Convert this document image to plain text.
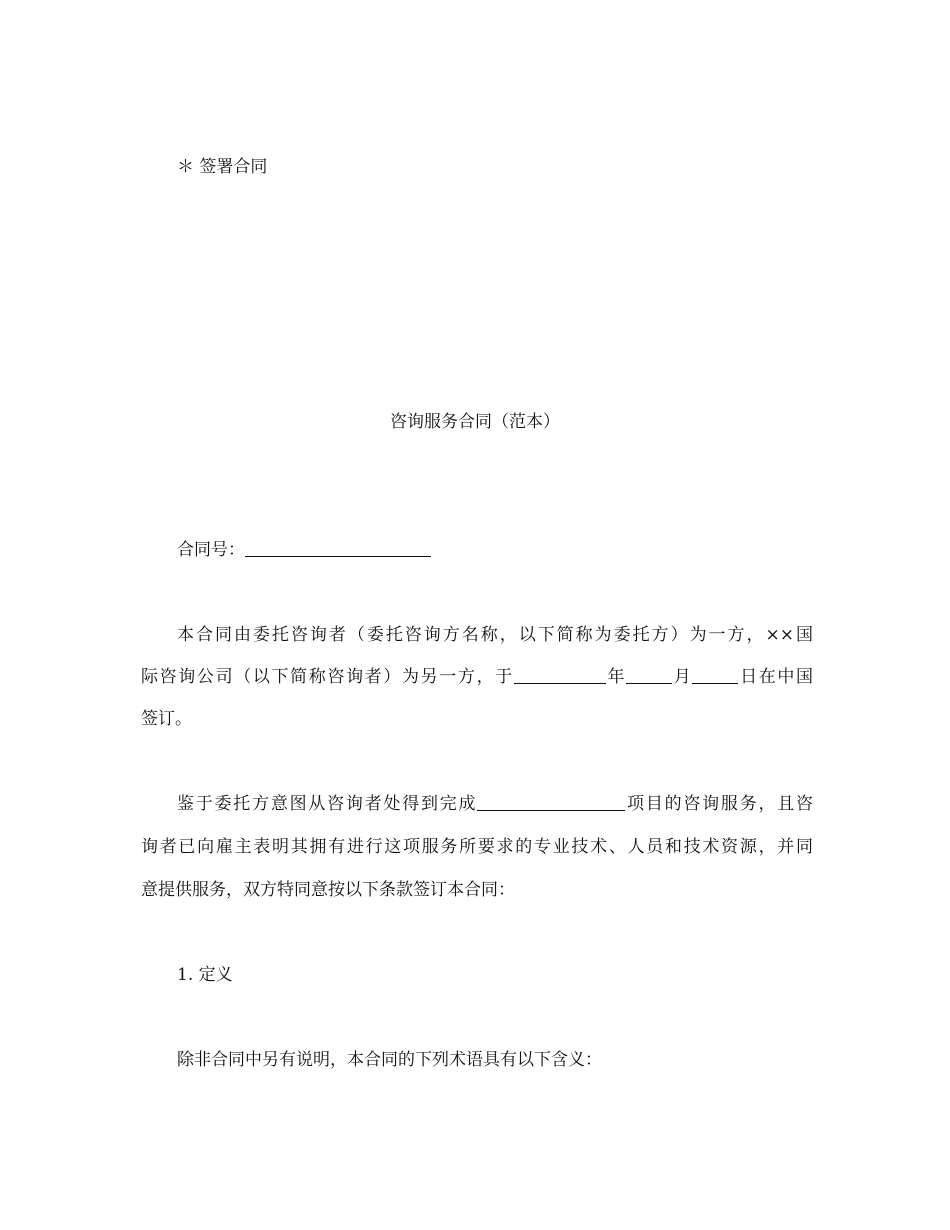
＊ 签署合同
咨询服务合同（范本）
合同号：
本合同由委托咨询者（委托咨询方名称，以下简称为委托方）为一方，××国
际咨询公司（以下简称咨询者）为另一方，于	年	月	日在中国
签订。
鉴于委托方意图从咨询者处得到完成	项目的咨询服务，且咨
询者已向雇主表明其拥有进行这项服务所要求的专业技术、人员和技术资源，并同
意提供服务，双方特同意按以下条款签订本合同：
1. 定义
除非合同中另有说明，本合同的下列术语具有以下含义：
